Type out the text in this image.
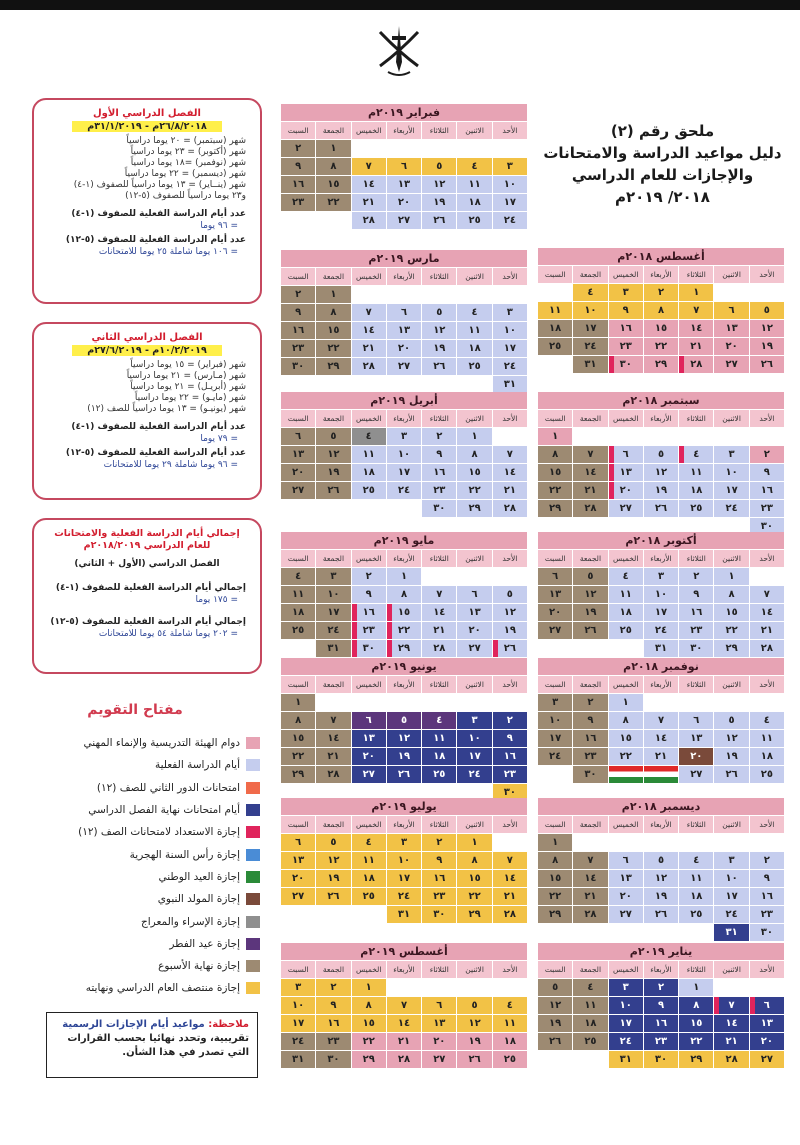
ملحق رقم (٢)
دليل مواعيد الدراسة والامتحانات
والإجازات للعام الدراسي
٢٠١٨/ ٢٠١٩م
أغسطس ٢٠١٨م
الأحد
الاثنين
الثلاثاء
الأربعاء
الخميس
الجمعة
السبت
١
٢
٣
٤
٥
٦
٧
٨
٩
١٠
١١
١٢
١٣
١٤
١٥
١٦
١٧
١٨
١٩
٢٠
٢١
٢٢
٢٣
٢٤
٢٥
٢٦
٢٧
٢٨
٢٩
٣٠
٣١
سبتمبر ٢٠١٨م
الأحد
الاثنين
الثلاثاء
الأربعاء
الخميس
الجمعة
السبت
١
٢
٣
٤
٥
٦
٧
٨
٩
١٠
١١
١٢
١٣
١٤
١٥
١٦
١٧
١٨
١٩
٢٠
٢١
٢٢
٢٣
٢٤
٢٥
٢٦
٢٧
٢٨
٢٩
٣٠
أكتوبر ٢٠١٨م
الأحد
الاثنين
الثلاثاء
الأربعاء
الخميس
الجمعة
السبت
١
٢
٣
٤
٥
٦
٧
٨
٩
١٠
١١
١٢
١٣
١٤
١٥
١٦
١٧
١٨
١٩
٢٠
٢١
٢٢
٢٣
٢٤
٢٥
٢٦
٢٧
٢٨
٢٩
٣٠
٣١
نوفمبر ٢٠١٨م
الأحد
الاثنين
الثلاثاء
الأربعاء
الخميس
الجمعة
السبت
١
٢
٣
٤
٥
٦
٧
٨
٩
١٠
١١
١٢
١٣
١٤
١٥
١٦
١٧
١٨
١٩
٢٠
٢١
٢٢
٢٣
٢٤
٢٥
٢٦
٢٧
٣٠
ديسمبر ٢٠١٨م
الأحد
الاثنين
الثلاثاء
الأربعاء
الخميس
الجمعة
السبت
١
٢
٣
٤
٥
٦
٧
٨
٩
١٠
١١
١٢
١٣
١٤
١٥
١٦
١٧
١٨
١٩
٢٠
٢١
٢٢
٢٣
٢٤
٢٥
٢٦
٢٧
٢٨
٢٩
٣٠
٣١
يناير ٢٠١٩م
الأحد
الاثنين
الثلاثاء
الأربعاء
الخميس
الجمعة
السبت
١
٢
٣
٤
٥
٦
٧
٨
٩
١٠
١١
١٢
١٣
١٤
١٥
١٦
١٧
١٨
١٩
٢٠
٢١
٢٢
٢٣
٢٤
٢٥
٢٦
٢٧
٢٨
٢٩
٣٠
٣١
فبراير ٢٠١٩م
الأحد
الاثنين
الثلاثاء
الأربعاء
الخميس
الجمعة
السبت
١
٢
٣
٤
٥
٦
٧
٨
٩
١٠
١١
١٢
١٣
١٤
١٥
١٦
١٧
١٨
١٩
٢٠
٢١
٢٢
٢٣
٢٤
٢٥
٢٦
٢٧
٢٨
مارس ٢٠١٩م
الأحد
الاثنين
الثلاثاء
الأربعاء
الخميس
الجمعة
السبت
١
٢
٣
٤
٥
٦
٧
٨
٩
١٠
١١
١٢
١٣
١٤
١٥
١٦
١٧
١٨
١٩
٢٠
٢١
٢٢
٢٣
٢٤
٢٥
٢٦
٢٧
٢٨
٢٩
٣٠
٣١
أبريل ٢٠١٩م
الأحد
الاثنين
الثلاثاء
الأربعاء
الخميس
الجمعة
السبت
١
٢
٣
٤
٥
٦
٧
٨
٩
١٠
١١
١٢
١٣
١٤
١٥
١٦
١٧
١٨
١٩
٢٠
٢١
٢٢
٢٣
٢٤
٢٥
٢٦
٢٧
٢٨
٢٩
٣٠
مايو ٢٠١٩م
الأحد
الاثنين
الثلاثاء
الأربعاء
الخميس
الجمعة
السبت
١
٢
٣
٤
٥
٦
٧
٨
٩
١٠
١١
١٢
١٣
١٤
١٥
١٦
١٧
١٨
١٩
٢٠
٢١
٢٢
٢٣
٢٤
٢٥
٢٦
٢٧
٢٨
٢٩
٣٠
٣١
يونيو ٢٠١٩م
الأحد
الاثنين
الثلاثاء
الأربعاء
الخميس
الجمعة
السبت
١
٢
٣
٤
٥
٦
٧
٨
٩
١٠
١١
١٢
١٣
١٤
١٥
١٦
١٧
١٨
١٩
٢٠
٢١
٢٢
٢٣
٢٤
٢٥
٢٦
٢٧
٢٨
٢٩
٣٠
يوليو ٢٠١٩م
الأحد
الاثنين
الثلاثاء
الأربعاء
الخميس
الجمعة
السبت
١
٢
٣
٤
٥
٦
٧
٨
٩
١٠
١١
١٢
١٣
١٤
١٥
١٦
١٧
١٨
١٩
٢٠
٢١
٢٢
٢٣
٢٤
٢٥
٢٦
٢٧
٢٨
٢٩
٣٠
٣١
أغسطس ٢٠١٩م
الأحد
الاثنين
الثلاثاء
الأربعاء
الخميس
الجمعة
السبت
١
٢
٣
٤
٥
٦
٧
٨
٩
١٠
١١
١٢
١٣
١٤
١٥
١٦
١٧
١٨
١٩
٢٠
٢١
٢٢
٢٣
٢٤
٢٥
٢٦
٢٧
٢٨
٢٩
٣٠
٣١
الفصل الدراسي الأول
٢٦/٨/٢٠١٨م - ٣١/١/٢٠١٩م
شهر (سبتمبر) = ٢٠ يوما دراسياً
شهر (أكتوبر) = ٢٣ يوما دراسياً
شهر (نوفمبر) =١٨ يوما دراسياً
شهر (ديسمبر) = ٢٢ يوما دراسياً
شهر (ينــاير) = ١٣ يوما دراسياً للصفوف (١-٤)
و٢٣ يوما دراسياً للصفوف (٥-١٢)
عدد أيام الدراسة الفعلية للصفوف (١-٤)
= ٩٦ يوما
عدد أيام الدراسة الفعلية للصفوف (٥-١٢)
= ١٠٦ يوما شاملة ٢٥ يوما للامتحانات
الفصل الدراسي الثاني
١٠/٢/٢٠١٩م - ٢٧/٦/٢٠١٩م
شهر (فبراير) = ١٥ يوما دراسياً
شهر (مـارس) = ٢١ يوما دراسياً
شهر (أبريـل) = ٢١ يوما دراسياً
شهر (مايـو) = ٢٢ يوما دراسياً
شهر (يونيـو) = ١٣ يوما دراسياً للصف (١٢)
عدد أيام الدراسة الفعلية للصفوف (١-٤)
= ٧٩ يوما
عدد أيام الدراسة الفعلية للصفوف (٥-١٢)
= ٩٦ يوما شاملة ٢٩ يوما للامتحانات
إجمالي أيام الدراسة الفعلية والامتحانات للعام الدراسي ٢٠١٨/٢٠١٩م
الفصل الدراسي (الأول + الثاني)
إجمالي أيام الدراسة الفعلية للصفوف (١-٤)
= ١٧٥ يوما
إجمالي أيام الدراسة الفعلية للصفوف (٥-١٢)
= ٢٠٢ يوما شاملة ٥٤ يوما للامتحانات
مفتاح التقويم
دوام الهيئة التدريسية والإنماء المهني
أيام الدراسة الفعلية
امتحانات الدور الثاني للصف (١٢)
أيام امتحانات نهاية الفصل الدراسي
إجازة الاستعداد لامتحانات الصف (١٢)
إجازة رأس السنة الهجرية
إجازة العيد الوطني
إجازة المولد النبوي
إجازة الإسراء والمعراج
إجازة عيد الفطر
إجازة نهاية الأسبوع
إجازة منتصف العام الدراسي ونهايته
ملاحظة: مواعيد أيام الإجازات الرسمية تقريبية، وتحدد نهائيا بحسب القرارات التي تصدر في هذا الشأن.
